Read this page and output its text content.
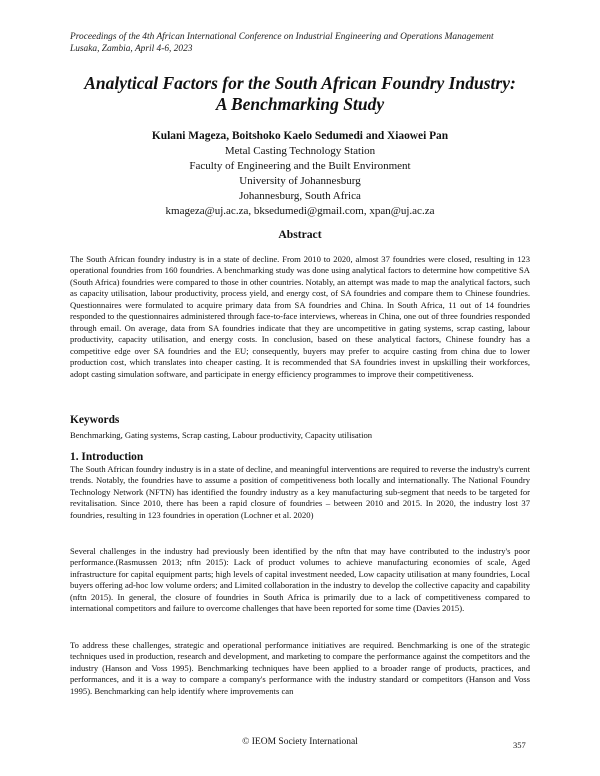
Proceedings of the 4th African International Conference on Industrial Engineering and Operations Management
Lusaka, Zambia, April 4-6, 2023
Analytical Factors for the South African Foundry Industry:
A Benchmarking Study
Kulani Mageza, Boitshoko Kaelo Sedumedi and Xiaowei Pan
Metal Casting Technology Station
Faculty of Engineering and the Built Environment
University of Johannesburg
Johannesburg, South Africa
kmageza@uj.ac.za, bksedumedi@gmail.com, xpan@uj.ac.za
Abstract
The South African foundry industry is in a state of decline. From 2010 to 2020, almost 37 foundries were closed, resulting in 123 operational foundries from 160 foundries. A benchmarking study was done using analytical factors to determine how competitive SA (South Africa) foundries were compared to those in other countries. Notably, an attempt was made to map the analytical factors, such as capacity utilisation, labour productivity, process yield, and energy cost, of SA foundries and compare them to Chinese foundries. Questionnaires were formulated to acquire primary data from SA foundries and China. In South Africa, 11 out of 14 foundries responded to the questionnaires administered through face-to-face interviews, whereas in China, one out of three foundries responded through email. On average, data from SA foundries indicate that they are uncompetitive in gating systems, scrap casting, labour productivity, capacity utilisation, and energy costs. In conclusion, based on these analytical factors, Chinese foundry has a competitive edge over SA foundries and the EU; consequently, buyers may prefer to acquire casting from china due to lower production cost, which translates into cheaper casting. It is recommended that SA foundries invest in upskilling their workforces, adopt casting simulation software, and participate in energy efficiency programmes to improve their competitiveness.
Keywords
Benchmarking, Gating systems, Scrap casting, Labour productivity, Capacity utilisation
1. Introduction
The South African foundry industry is in a state of decline, and meaningful interventions are required to reverse the industry's current trends. Notably, the foundries have to assume a position of competitiveness both locally and internationally. The National Foundry Technology Network (NFTN) has identified the foundry industry as a key manufacturing sub-segment that needs to be targeted for revitalisation. Since 2010, there has been a rapid closure of foundries – between 2010 and 2015. In 2020, the industry lost 37 foundries, resulting in 123 foundries in operation (Lochner et al. 2020)
Several challenges in the industry had previously been identified by the nftn that may have contributed to the industry's poor performance.(Rasmussen 2013; nftn 2015): Lack of product volumes to achieve manufacturing economies of scale, Aged infrastructure for capital equipment parts; high levels of capital investment needed, Low capacity utilisation at many foundries, Local buyers offering ad-hoc low volume orders; and Limited collaboration in the industry to develop the collective capacity and capability (nftn 2015). In general, the closure of foundries in South Africa is primarily due to a lack of competitiveness compared to international competitors and failure to overcome challenges that have been reported for some time (Davies 2015).
To address these challenges, strategic and operational performance initiatives are required. Benchmarking is one of the strategic techniques used in production, research and development, and marketing to compare the performance against the competitors and the industry (Hanson and Voss 1995). Benchmarking techniques have been applied to a broader range of products, practices, and performances, and it is a way to compare a company's performance with the industry standard or competitors (Hanson and Voss 1995). Benchmarking can help identify where improvements can
© IEOM Society International	357
